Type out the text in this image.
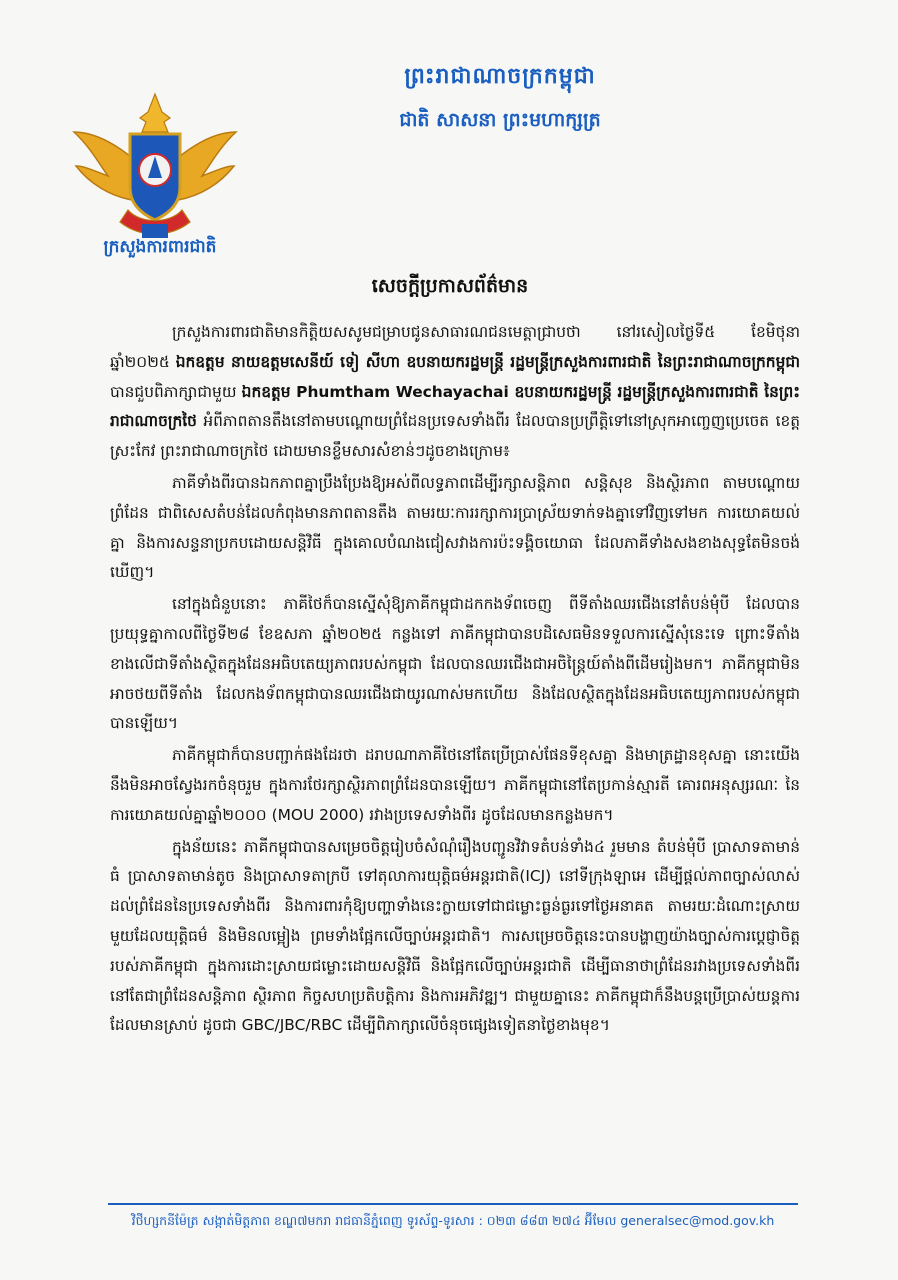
ក្រសួងការពារជាតិ
ព្រះរាជាណាចក្រកម្ពុជា
ជាតិ សាសនា ព្រះមហាក្សត្រ
សេចក្តីប្រកាសព័ត៌មាន

ក្រសួងការពារជាតិមានកិត្តិយសសូមជម្រាបជូនសាធារណជនមេត្តាជ្រាបថា នៅរសៀលថ្ងៃទី៥ ខែមិថុនា ឆ្នាំ២០២៥ ឯកឧត្តម នាយឧត្តមសេនីយ៍ ទៀ សីហា ឧបនាយករដ្ឋមន្ត្រី រដ្ឋមន្ត្រីក្រសួងការពារជាតិ នៃព្រះរាជាណាចក្រកម្ពុជា បានជួបពិភាក្សាជាមួយ ឯកឧត្តម Phumtham Wechayachai ឧបនាយករដ្ឋមន្ត្រី រដ្ឋមន្ត្រីក្រសួងការពារជាតិ នៃព្រះរាជាណាចក្រថៃ អំពីភាពតានតឹងនៅតាមបណ្តោយព្រំដែនប្រទេសទាំងពីរ ដែលបានប្រព្រឹត្តិទៅនៅស្រុកអាញ្ចេញប្រេចេត ខេត្តស្រះកែវ ព្រះរាជាណាចក្រថៃ ដោយមានខ្លឹមសារសំខាន់ៗដូចខាងក្រោម៖

ភាគីទាំងពីរបានឯកភាពគ្នាប្រឹងប្រែងឱ្យអស់ពីលទ្ធភាពដើម្បីរក្សាសន្តិភាព សន្តិសុខ និងស្ថិរភាព តាមបណ្តោយព្រំដែន ជាពិសេសតំបន់ដែលកំពុងមានភាពតានតឹង តាមរយៈការរក្សាការប្រាស្រ័យទាក់ទងគ្នាទៅវិញទៅមក ការយោគយល់គ្នា និងការសន្ទនាប្រកបដោយសន្តិវិធី ក្នុងគោលបំណងជៀសវាងការប៉ះទង្គិចយោធា ដែលភាគីទាំងសងខាងសុទ្ធតែមិនចង់ឃើញ។

នៅក្នុងជំនួបនោះ ភាគីថៃក៏បានស្នើសុំឱ្យភាគីកម្ពុជាដកកងទ័ពចេញ ពីទីតាំងឈរជើងនៅតំបន់មុំបី ដែលបានប្រយុទ្ធគ្នាកាលពីថ្ងៃទី២៨ ខែឧសភា ឆ្នាំ២០២៥ កន្លងទៅ ភាគីកម្ពុជាបានបដិសេធមិនទទួលការស្នើសុំនេះទេ ព្រោះទីតាំងខាងលើជាទីតាំងស្ថិតក្នុងដែនអធិបតេយ្យភាពរបស់កម្ពុជា ដែលបានឈរជើងជាអចិន្ត្រៃយ៍តាំងពីដើមរៀងមក។ ភាគីកម្ពុជាមិនអាចថយពីទីតាំង ដែលកងទ័ពកម្ពុជាបានឈរជើងជាយូរណាស់មកហើយ និងដែលស្ថិតក្នុងដែនអធិបតេយ្យភាពរបស់កម្ពុជាបានឡើយ។

ភាគីកម្ពុជាក៏បានបញ្ជាក់ផងដែរថា ដរាបណាភាគីថៃនៅតែប្រើប្រាស់ផែនទីខុសគ្នា និងមាត្រដ្ឋានខុសគ្នា នោះយើងនឹងមិនអាចស្វែងរកចំនុចរួម ក្នុងការថែរក្សាស្ថិរភាពព្រំដែនបានឡើយ។ ភាគីកម្ពុជានៅតែប្រកាន់ស្មារតី គោរពអនុស្សរណៈ នៃការយោគយល់គ្នាឆ្នាំ២០០០ (MOU 2000) រវាងប្រទេសទាំងពីរ ដូចដែលមានកន្លងមក។

ក្នុងន័យនេះ ភាគីកម្ពុជាបានសម្រេចចិត្តរៀបចំសំណុំរឿងបញ្ជូនវិវាទតំបន់ទាំង៤ រួមមាន តំបន់មុំបី ប្រាសាទតាមាន់ធំ ប្រាសាទតាមាន់តូច និងប្រាសាទតាក្របី ទៅតុលាការយុត្តិធម៌អន្តរជាតិ(ICJ) នៅទីក្រុងឡាអេ ដើម្បីផ្តល់ភាពច្បាស់លាស់ដល់ព្រំដែននៃប្រទេសទាំងពីរ និងការពារកុំឱ្យបញ្ហាទាំងនេះក្លាយទៅជាជម្លោះធ្ងន់ធ្ងរទៅថ្ងៃអនាគត តាមរយៈដំណោះស្រាយមួយដែលយុត្តិធម៌ និងមិនលម្អៀង ព្រមទាំងផ្អែកលើច្បាប់អន្តរជាតិ។ ការសម្រេចចិត្តនេះបានបង្ហាញយ៉ាងច្បាស់ការប្តេជ្ញាចិត្តរបស់ភាគីកម្ពុជា ក្នុងការដោះស្រាយជម្លោះដោយសន្តិវិធី និងផ្អែកលើច្បាប់អន្តរជាតិ ដើម្បីធានាថាព្រំដែនរវាងប្រទេសទាំងពីរនៅតែជាព្រំដែនសន្តិភាព ស្ថិរភាព កិច្ចសហប្រតិបត្តិការ និងការអភិវឌ្ឍ។ ជាមួយគ្នានេះ ភាគីកម្ពុជាក៏នឹងបន្តប្រើប្រាស់យន្តការដែលមានស្រាប់ ដូចជា GBC/JBC/RBC ដើម្បីពិភាក្សាលើចំនុចផ្សេងទៀតនាថ្ងៃខាងមុខ។

វិថីហ្សកនីម៉ែត្រ សង្កាត់មិត្តភាព ខណ្ឌ៧មករា រាជធានីភ្នំពេញ ទូរស័ព្ទ-ទូរសារ : ០២៣ ៨៨៣ ២៧៤ អ៊ីមែល generalsec@mod.gov.kh
